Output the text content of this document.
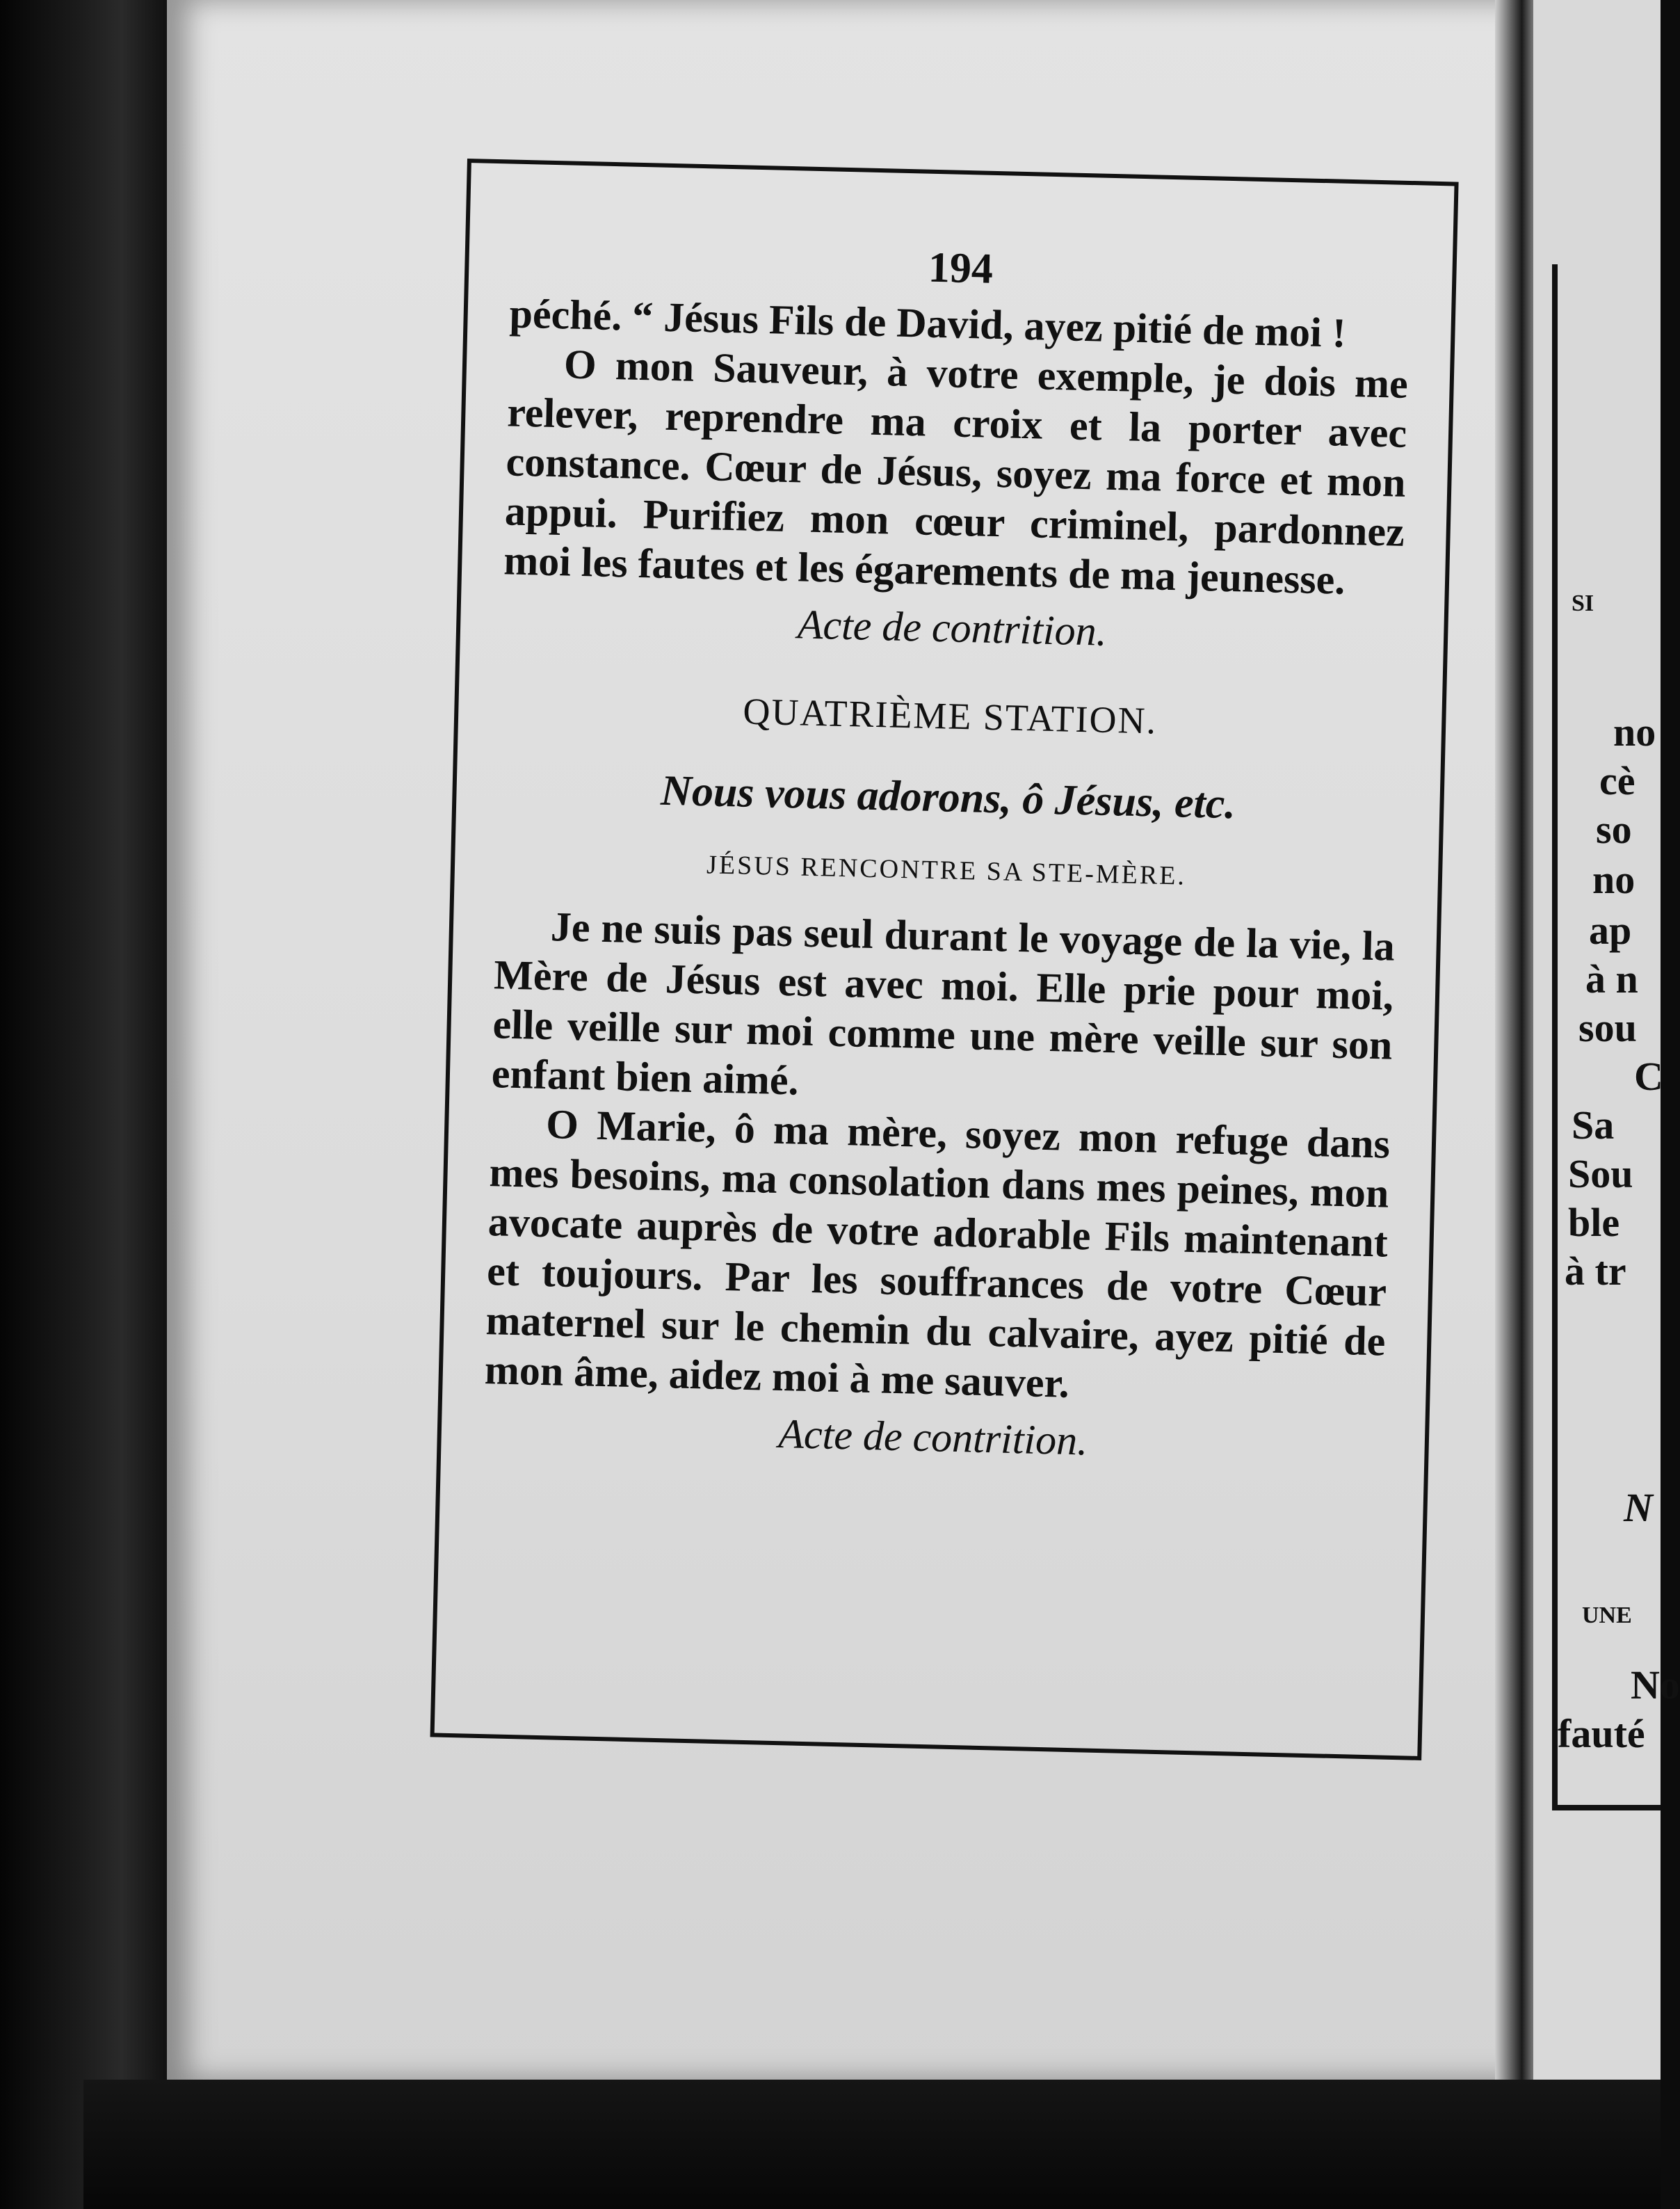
194

péché. “ Jésus Fils de David, ayez pitié de moi !

O mon Sauveur, à votre exemple, je dois me relever, reprendre ma croix et la porter avec constance. Cœur de Jésus, soyez ma force et mon appui. Purifiez mon cœur criminel, pardonnez moi les fautes et les égarements de ma jeunesse.

Acte de contrition.
QUATRIÈME STATION.
Nous vous adorons, ô Jésus, etc.
JÉSUS RENCONTRE SA STE-MÈRE.

Je ne suis pas seul durant le voyage de la vie, la Mère de Jésus est avec moi. Elle prie pour moi, elle veille sur moi comme une mère veille sur son enfant bien aimé.

O Marie, ô ma mère, soyez mon refuge dans mes besoins, ma consolation dans mes peines, mon avocate auprès de votre adorable Fils maintenant et toujours. Par les souffrances de votre Cœur maternel sur le chemin du calvaire, ayez pitié de mon âme, aidez moi à me sauver.

Acte de contrition.
SI
no
cè
so
no
ap
à n
sou
C
Sa
Sou
ble
à tr
N
UNE
No
fauté
